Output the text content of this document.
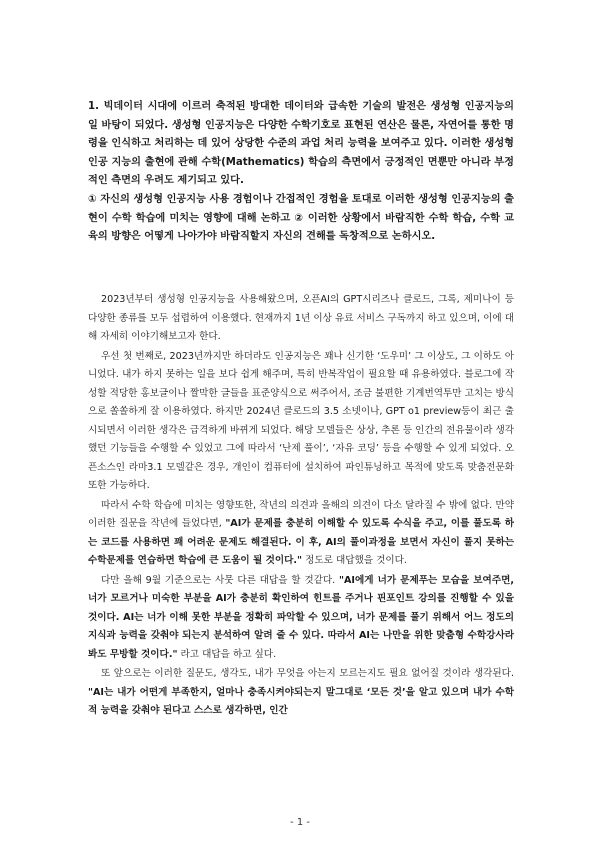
1. 빅데이터 시대에 이르러 축적된 방대한 데이터와 급속한 기술의 발전은 생성형 인공지능의 일 바탕이 되었다. 생성형 인공지능은 다양한 수학기호로 표현된 연산은 물론, 자연어를 통한 명령을 인식하고 처리하는 데 있어 상당한 수준의 과업 처리 능력을 보여주고 있다. 이러한 생성형 인공 지능의 출현에 관해 수학(Mathematics) 학습의 측면에서 긍정적인 면뿐만 아니라 부정적인 측면의 우려도 제기되고 있다.

① 자신의 생성형 인공지능 사용 경험이나 간접적인 경험을 토대로 이러한 생성형 인공지능의 출 현이 수학 학습에 미치는 영향에 대해 논하고 ② 이러한 상황에서 바람직한 수학 학습, 수학 교육의 방향은 어떻게 나아가야 바람직할지 자신의 견해를 독창적으로 논하시오.

2023년부터 생성형 인공지능을 사용해왔으며, 오픈AI의 GPT시리즈나 클로드, 그록, 제미나이 등 다양한 종류를 모두 섭렵하여 이용했다. 현재까지 1년 이상 유료 서비스 구독까지 하고 있으며, 이에 대해 자세히 이야기해보고자 한다.

우선 첫 번째로, 2023년까지만 하더라도 인공지능은 꽤나 신기한 ‘도우미’ 그 이상도, 그 이하도 아니었다. 내가 하지 못하는 일을 보다 쉽게 해주며, 특히 반복작업이 필요할 때 유용하였다. 블로그에 작성할 적당한 홍보글이나 짤막한 글들을 표준양식으로 써주어서, 조금 불편한 기계번역투만 고치는 방식으로 쏠쏠하게 잘 이용하였다. 하지만 2024년 클로드의 3.5 소넷이나, GPT o1 preview등이 최근 출시되면서 이러한 생각은 급격하게 바뀌게 되었다. 해당 모델들은 상상, 추론 등 인간의 전유물이라 생각했던 기능들을 수행할 수 있었고 그에 따라서 ‘난제 풀이’, ‘자유 코딩’ 등을 수행할 수 있게 되었다. 오픈소스인 라마3.1 모델같은 경우, 개인이 컴퓨터에 설치하여 파인튜닝하고 목적에 맞도록 맞춤전문화 또한 가능하다.

따라서 수학 학습에 미치는 영향또한, 작년의 의견과 올해의 의견이 다소 달라질 수 밖에 없다. 만약 이러한 질문을 작년에 들었다면, "AI가 문제를 충분히 이해할 수 있도록 수식을 주고, 이를 풀도록 하는 코드를 사용하면 꽤 어려운 문제도 해결된다. 이 후, AI의 풀이과정을 보면서 자신이 풀지 못하는 수학문제를 연습하면 학습에 큰 도움이 될 것이다." 정도로 대답했을 것이다.

다만 올해 9월 기준으로는 사뭇 다른 대답을 할 것같다. "AI에게 너가 문제푸는 모습을 보여주면, 너가 모르거나 미숙한 부분을 AI가 충분히 확인하여 힌트를 주거나 핀포인트 강의를 진행할 수 있을 것이다. AI는 너가 이해 못한 부분을 정확히 파악할 수 있으며, 너가 문제를 풀기 위해서 어느 정도의 지식과 능력을 갖춰야 되는지 분석하여 알려 줄 수 있다. 따라서 AI는 나만을 위한 맞춤형 수학강사라 봐도 무방할 것이다." 라고 대답을 하고 싶다.

또 앞으로는 이러한 질문도, 생각도, 내가 무엇을 아는지 모르는지도 필요 없어질 것이라 생각된다. "AI는 내가 어떤게 부족한지, 얼마나 충족시켜야되는지 말그대로 ‘모든 것’을 알고 있으며 내가 수학적 능력을 갖춰야 된다고 스스로 생각하면, 인간

- 1 -
